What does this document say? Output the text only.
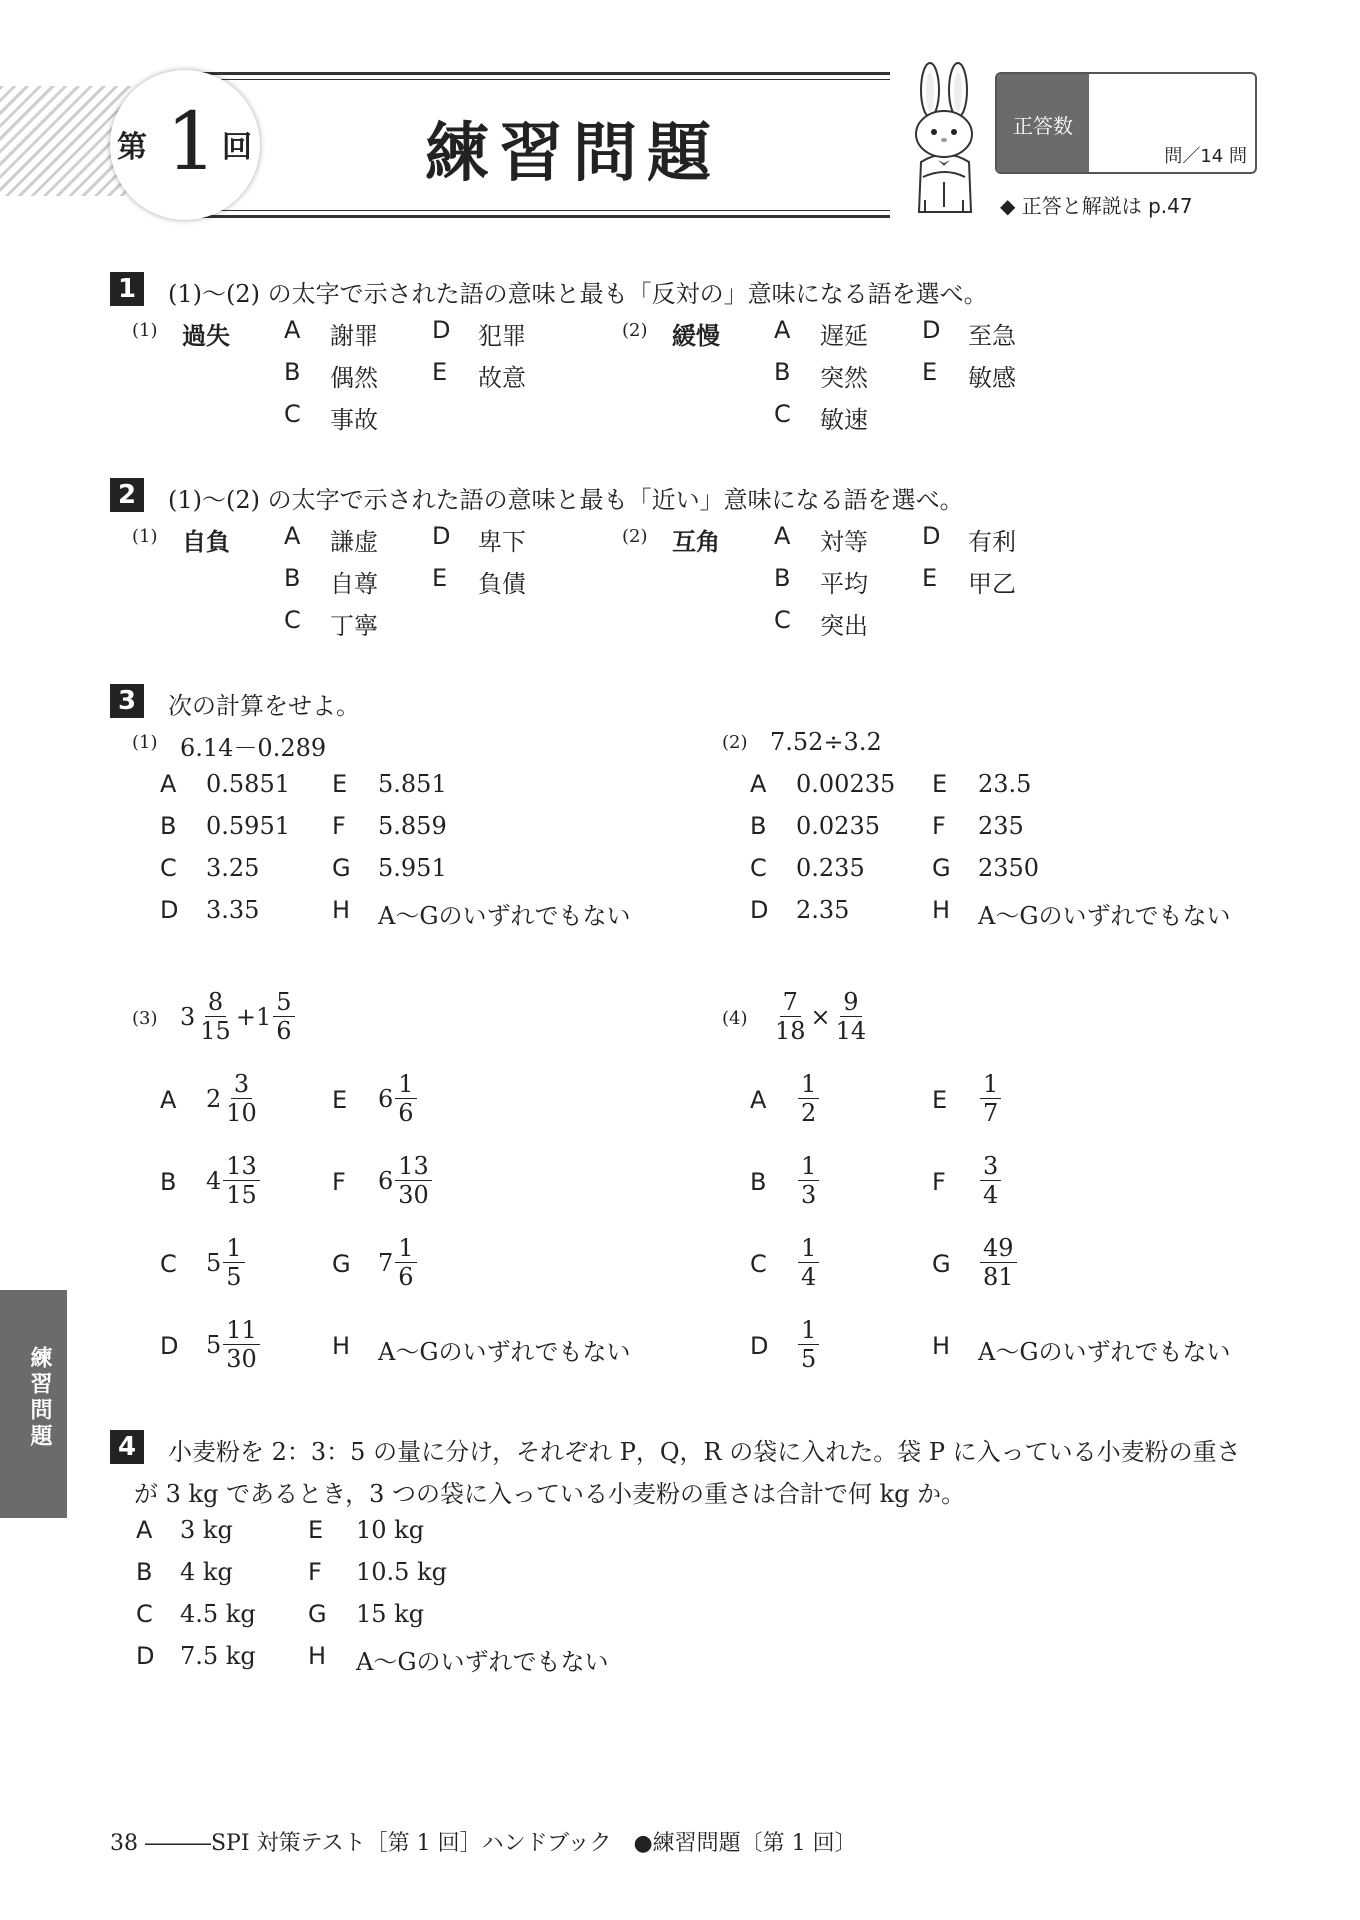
第 1 回	練習問題	正答数
問／14 問
◆ 正答と解説は p.47
練習問題
1	(1)～(2) の太字で示された語の意味と最も「反対の」意味になる語を選べ。
(1) 過失 A 謝罪
B 偶然
C 事故
D 犯罪
E 故意
(2) 緩慢 A 遅延
B 突然
C 敏速
D 至急
E 敏感
2	(1)～(2) の太字で示された語の意味と最も「近い」意味になる語を選べ。
(1) 自負 A 謙虚
B 自尊
C 丁寧
D 卑下
E 負債
(2) 互角 A 対等
B 平均
C 突出
D 有利
E 甲乙
3	次の計算をせよ。
(1) 6.14－0.289
A 0.5851
B 0.5951
C 3.25
D 3.35
E 5.851
F 5.859
G 5.951
H A～Gのいずれでもない
(2) 7.52÷3.2
A 0.00235
B 0.0235
C 0.235
D 2.35
E 23.5
F 235
G 2350
H A～Gのいずれでもない
(3) $3 \frac{8}{15} + 1 \frac{5}{6}$
A $2 \frac{3}{10}$
B $4 \frac{13}{15}$
C $5 \frac{1}{5}$
D $5 \frac{11}{30}$
E $6 \frac{1}{6}$
F $6 \frac{13}{30}$
G $7 \frac{1}{6}$
H A～Gのいずれでもない
$(4) \frac{7}{18} \times \frac{9}{14}$
A $\frac{1}{2}$
B $\frac{1}{3}$
C $\frac{1}{4}$
D $\frac{1}{5}$
E $\frac{1}{7}$
F $\frac{3}{4}$
G $\frac{49}{81}$
H A～Gのいずれでもない
4	小麦粉を 2：3：5 の量に分け，それぞれ P，Q，R の袋に入れた。袋 P に入っている小麦粉の重さ
が 3 kg であるとき，3 つの袋に入っている小麦粉の重さは合計で何 kg か。
A 3 kg
B 4 kg
C 4.5 kg
D 7.5 kg
E 10 kg
F 10.5 kg
G 15 kg
H A～Gのいずれでもない
38 ―――SPI 対策テスト［第 1 回］ハンドブック　●練習問題〔第 1 回〕
